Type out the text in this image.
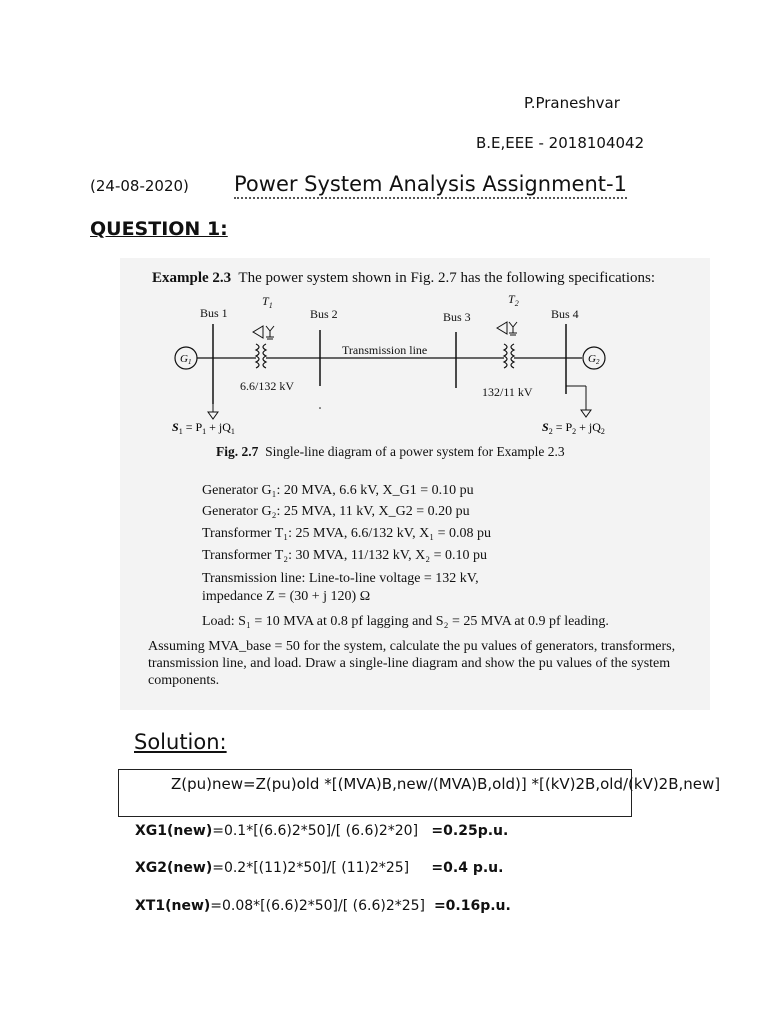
P.Praneshvar
B.E,EEE - 2018104042
(24-08-2020) Power System Analysis Assignment-1
QUESTION 1:
Example 2.3 The power system shown in Fig. 2.7 has the following specifications:
Bus 1	Bus 2	Bus 3	Bus 4
$T_1$	$T_2$
Transmission line
6.6/132 kV	132/11 kV
G1	G2
$S_1 = P_1 + jQ_1$	$S_2 = P_2 + jQ_2$
Fig. 2.7 Single-line diagram of a power system for Example 2.3
Generator G₁: 20 MVA, 6.6 kV, X_G1 = 0.10 pu
Generator G₂: 25 MVA, 11 kV, X_G2 = 0.20 pu
Transformer T₁: 25 MVA, 6.6/132 kV, X₁ = 0.08 pu
Transformer T₂: 30 MVA, 11/132 kV, X₂ = 0.10 pu
Transmission line: Line-to-line voltage = 132 kV,
impedance Z = (30 + j 120) Ω
Load: S₁ = 10 MVA at 0.8 pf lagging and S₂ = 25 MVA at 0.9 pf leading.
Assuming MVA_base = 50 for the system, calculate the pu values of generators, transformers, transmission line, and load. Draw a single-line diagram and show the pu values of the system components.
Solution:
Z(pu)new=Z(pu)old *[(MVA)B,new/(MVA)B,old)] *[(kV)2B,old/(kV)2B,new]
XG1(new)=0.1*[(6.6)2*50]/[ (6.6)2*20] =0.25p.u.
XG2(new)=0.2*[(11)2*50]/[ (11)2*25] =0.4 p.u.
XT1(new)=0.08*[(6.6)2*50]/[ (6.6)2*25] =0.16p.u.
